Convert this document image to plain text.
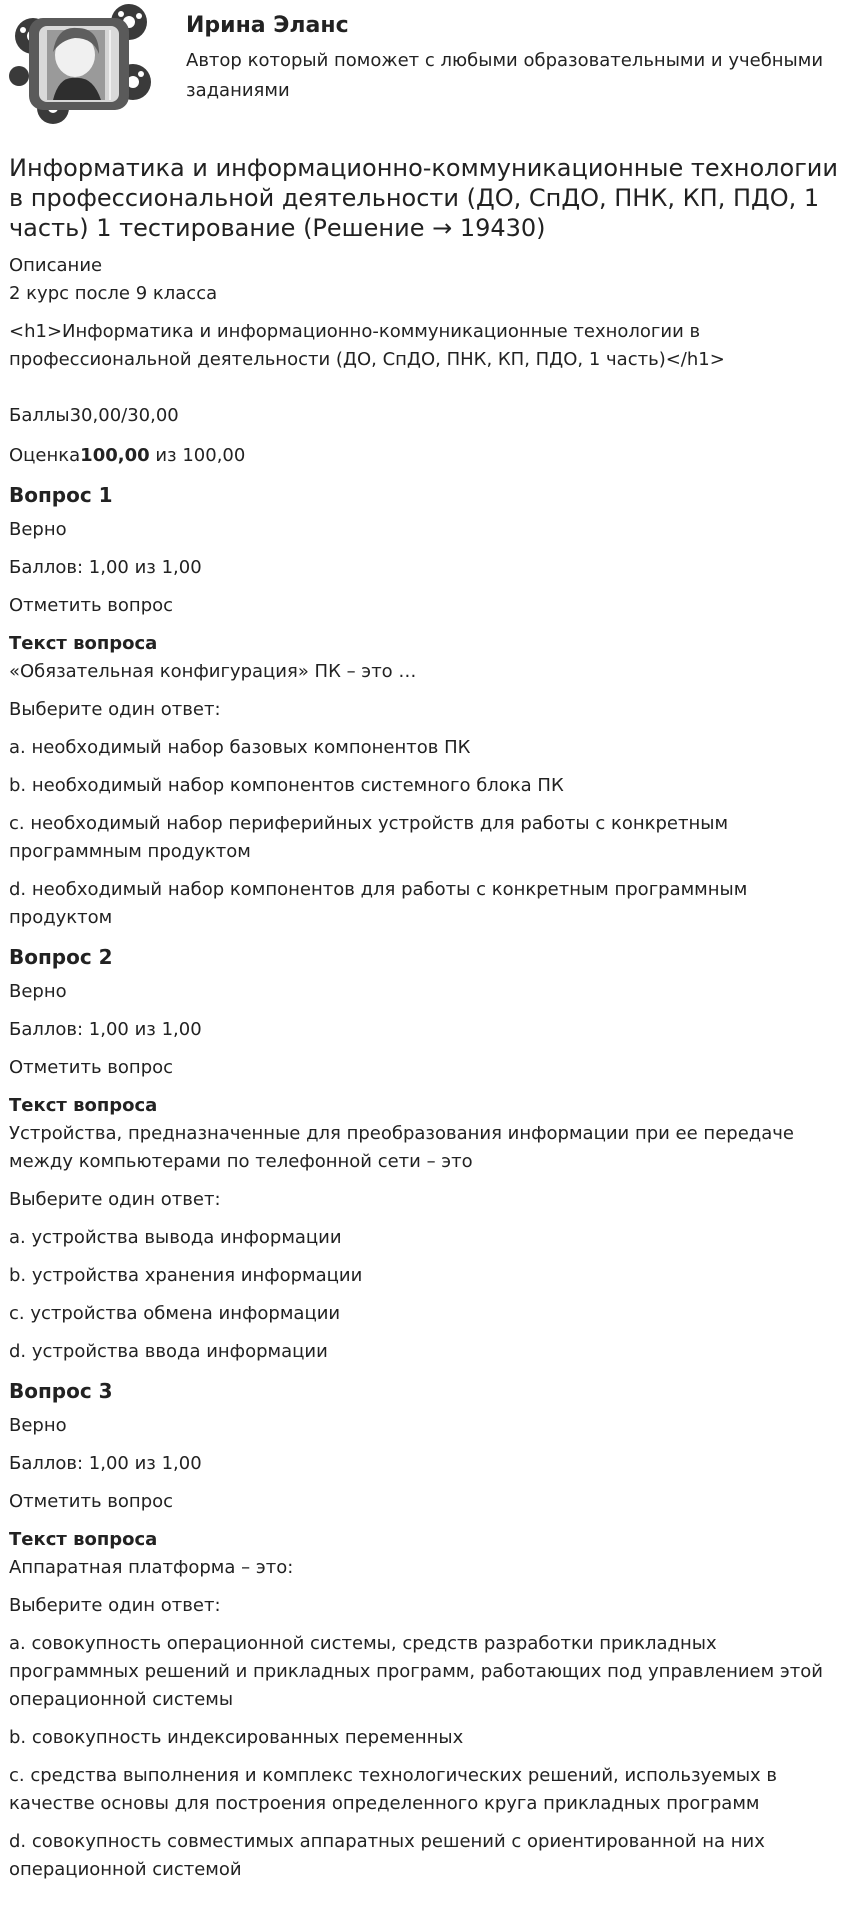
Ирина Эланс
Автор который поможет с любыми образовательными и учебными заданиями
Информатика и информационно-коммуникационные технологии в профессиональной деятельности (ДО, СпДО, ПНК, КП, ПДО, 1 часть) 1 тестирование (Решение → 19430)

Описание

2 курс после 9 класса

<h1>Информатика и информационно-коммуникационные технологии в профессиональной деятельности (ДО, СпДО, ПНК, КП, ПДО, 1 часть)</h1>

Баллы30,00/30,00

Оценка100,00 из 100,00

Вопрос 1

Верно

Баллов: 1,00 из 1,00

Отметить вопрос

Текст вопроса

«Обязательная конфигурация» ПК – это …

Выберите один ответ:

a. необходимый набор базовых компонентов ПК

b. необходимый набор компонентов системного блока ПК

c. необходимый набор периферийных устройств для работы с конкретным программным продуктом

d. необходимый набор компонентов для работы с конкретным программным продуктом

Вопрос 2

Верно

Баллов: 1,00 из 1,00

Отметить вопрос

Текст вопроса

Устройства, предназначенные для преобразования информации при ее передаче между компьютерами по телефонной сети – это

Выберите один ответ:

a. устройства вывода информации

b. устройства хранения информации

c. устройства обмена информации

d. устройства ввода информации

Вопрос 3

Верно

Баллов: 1,00 из 1,00

Отметить вопрос

Текст вопроса

Аппаратная платформа – это:

Выберите один ответ:

a. совокупность операционной системы, средств разработки прикладных программных решений и прикладных программ, работающих под управлением этой операционной системы

b. совокупность индексированных переменных

c. средства выполнения и комплекс технологических решений, используемых в качестве основы для построения определенного круга прикладных программ

d. совокупность совместимых аппаратных решений с ориентированной на них операционной системой
